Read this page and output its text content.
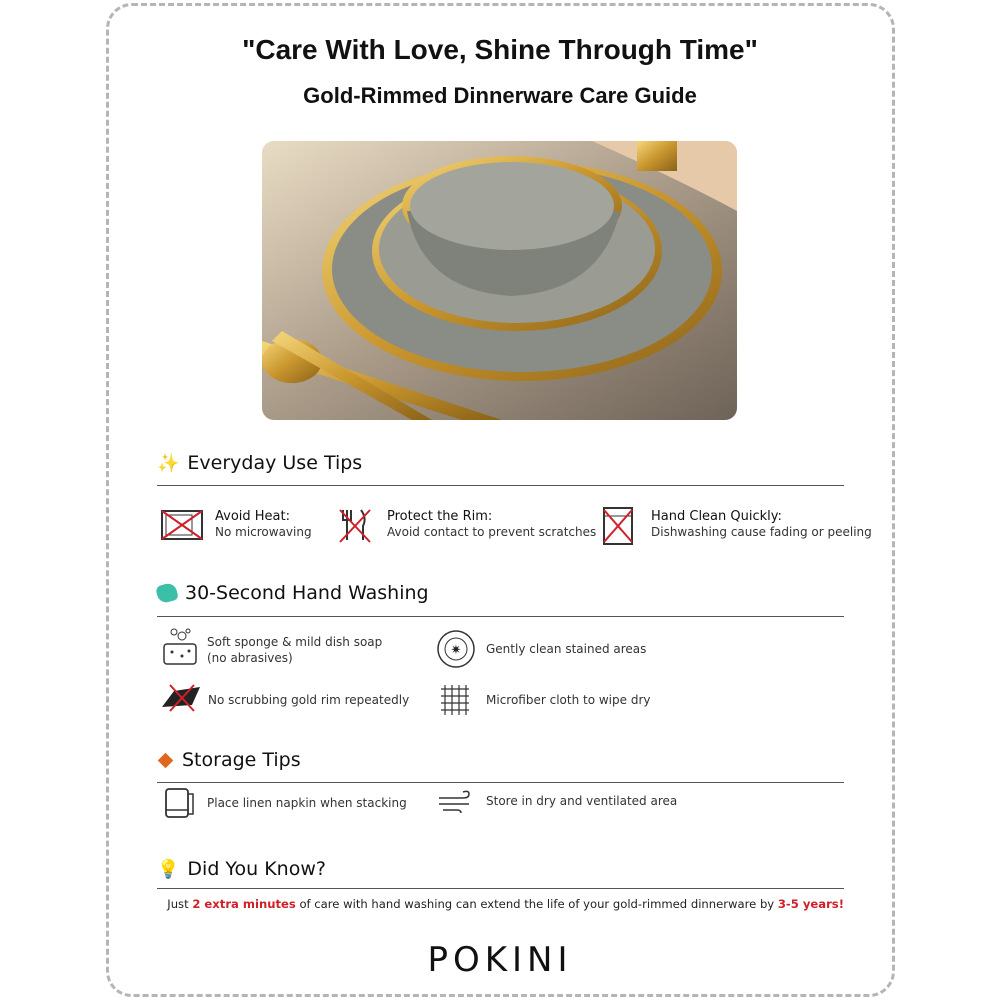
"Care With Love, Shine Through Time"
Gold-Rimmed Dinnerware Care Guide
✨ Everyday Use Tips
Avoid Heat:
No microwaving
Protect the Rim:
Avoid contact to prevent scratches
Hand Clean Quickly:
Dishwashing cause fading or peeling
30-Second Hand Washing
Soft sponge & mild dish soap
(no abrasives)	✷ Gently clean stained areas
No scrubbing gold rim repeatedly	Microfiber cloth to wipe dry
Storage Tips
Place linen napkin when stacking	Store in dry and ventilated area
💡 Did You Know?
Just 2 extra minutes of care with hand washing can extend the life of your gold-rimmed dinnerware by 3-5 years!
POKINI
